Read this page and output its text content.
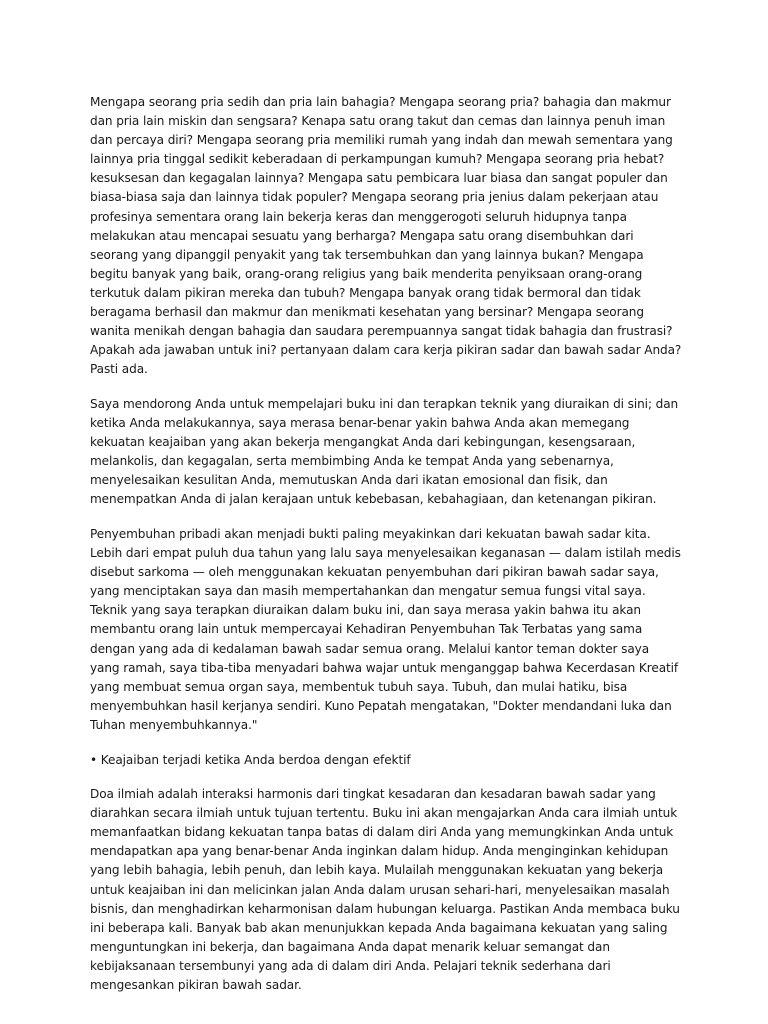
Mengapa seorang pria sedih dan pria lain bahagia? Mengapa seorang pria? bahagia dan makmur dan pria lain miskin dan sengsara? Kenapa satu orang takut dan cemas dan lainnya penuh iman dan percaya diri? Mengapa seorang pria memiliki rumah yang indah dan mewah sementara yang lainnya pria tinggal sedikit keberadaan di perkampungan kumuh? Mengapa seorang pria hebat? kesuksesan dan kegagalan lainnya? Mengapa satu pembicara luar biasa dan sangat populer dan biasa-biasa saja dan lainnya tidak populer? Mengapa seorang pria jenius dalam pekerjaan atau profesinya sementara orang lain bekerja keras dan menggerogoti seluruh hidupnya tanpa melakukan atau mencapai sesuatu yang berharga? Mengapa satu orang disembuhkan dari seorang yang dipanggil penyakit yang tak tersembuhkan dan yang lainnya bukan? Mengapa begitu banyak yang baik, orang-orang religius yang baik menderita penyiksaan orang-orang terkutuk dalam pikiran mereka dan tubuh? Mengapa banyak orang tidak bermoral dan tidak beragama berhasil dan makmur dan menikmati kesehatan yang bersinar? Mengapa seorang wanita menikah dengan bahagia dan saudara perempuannya sangat tidak bahagia dan frustrasi? Apakah ada jawaban untuk ini? pertanyaan dalam cara kerja pikiran sadar dan bawah sadar Anda? Pasti ada.

Saya mendorong Anda untuk mempelajari buku ini dan terapkan teknik yang diuraikan di sini; dan ketika Anda melakukannya, saya merasa benar-benar yakin bahwa Anda akan memegang kekuatan keajaiban yang akan bekerja mengangkat Anda dari kebingungan, kesengsaraan, melankolis, dan kegagalan, serta membimbing Anda ke tempat Anda yang sebenarnya, menyelesaikan kesulitan Anda, memutuskan Anda dari ikatan emosional dan fisik, dan menempatkan Anda di jalan kerajaan untuk kebebasan, kebahagiaan, dan ketenangan pikiran.

Penyembuhan pribadi akan menjadi bukti paling meyakinkan dari kekuatan bawah sadar kita. Lebih dari empat puluh dua tahun yang lalu saya menyelesaikan keganasan — dalam istilah medis disebut sarkoma — oleh menggunakan kekuatan penyembuhan dari pikiran bawah sadar saya, yang menciptakan saya dan masih mempertahankan dan mengatur semua fungsi vital saya. Teknik yang saya terapkan diuraikan dalam buku ini, dan saya merasa yakin bahwa itu akan membantu orang lain untuk mempercayai Kehadiran Penyembuhan Tak Terbatas yang sama dengan yang ada di kedalaman bawah sadar semua orang. Melalui kantor teman dokter saya yang ramah, saya tiba-tiba menyadari bahwa wajar untuk menganggap bahwa Kecerdasan Kreatif yang membuat semua organ saya, membentuk tubuh saya. Tubuh, dan mulai hatiku, bisa menyembuhkan hasil kerjanya sendiri. Kuno Pepatah mengatakan, "Dokter mendandani luka dan Tuhan menyembuhkannya."

• Keajaiban terjadi ketika Anda berdoa dengan efektif

Doa ilmiah adalah interaksi harmonis dari tingkat kesadaran dan kesadaran bawah sadar yang diarahkan secara ilmiah untuk tujuan tertentu. Buku ini akan mengajarkan Anda cara ilmiah untuk memanfaatkan bidang kekuatan tanpa batas di dalam diri Anda yang memungkinkan Anda untuk mendapatkan apa yang benar-benar Anda inginkan dalam hidup. Anda menginginkan kehidupan yang lebih bahagia, lebih penuh, dan lebih kaya. Mulailah menggunakan kekuatan yang bekerja untuk keajaiban ini dan melicinkan jalan Anda dalam urusan sehari-hari, menyelesaikan masalah bisnis, dan menghadirkan keharmonisan dalam hubungan keluarga. Pastikan Anda membaca buku ini beberapa kali. Banyak bab akan menunjukkan kepada Anda bagaimana kekuatan yang saling menguntungkan ini bekerja, dan bagaimana Anda dapat menarik keluar semangat dan kebijaksanaan tersembunyi yang ada di dalam diri Anda. Pelajari teknik sederhana dari mengesankan pikiran bawah sadar.
